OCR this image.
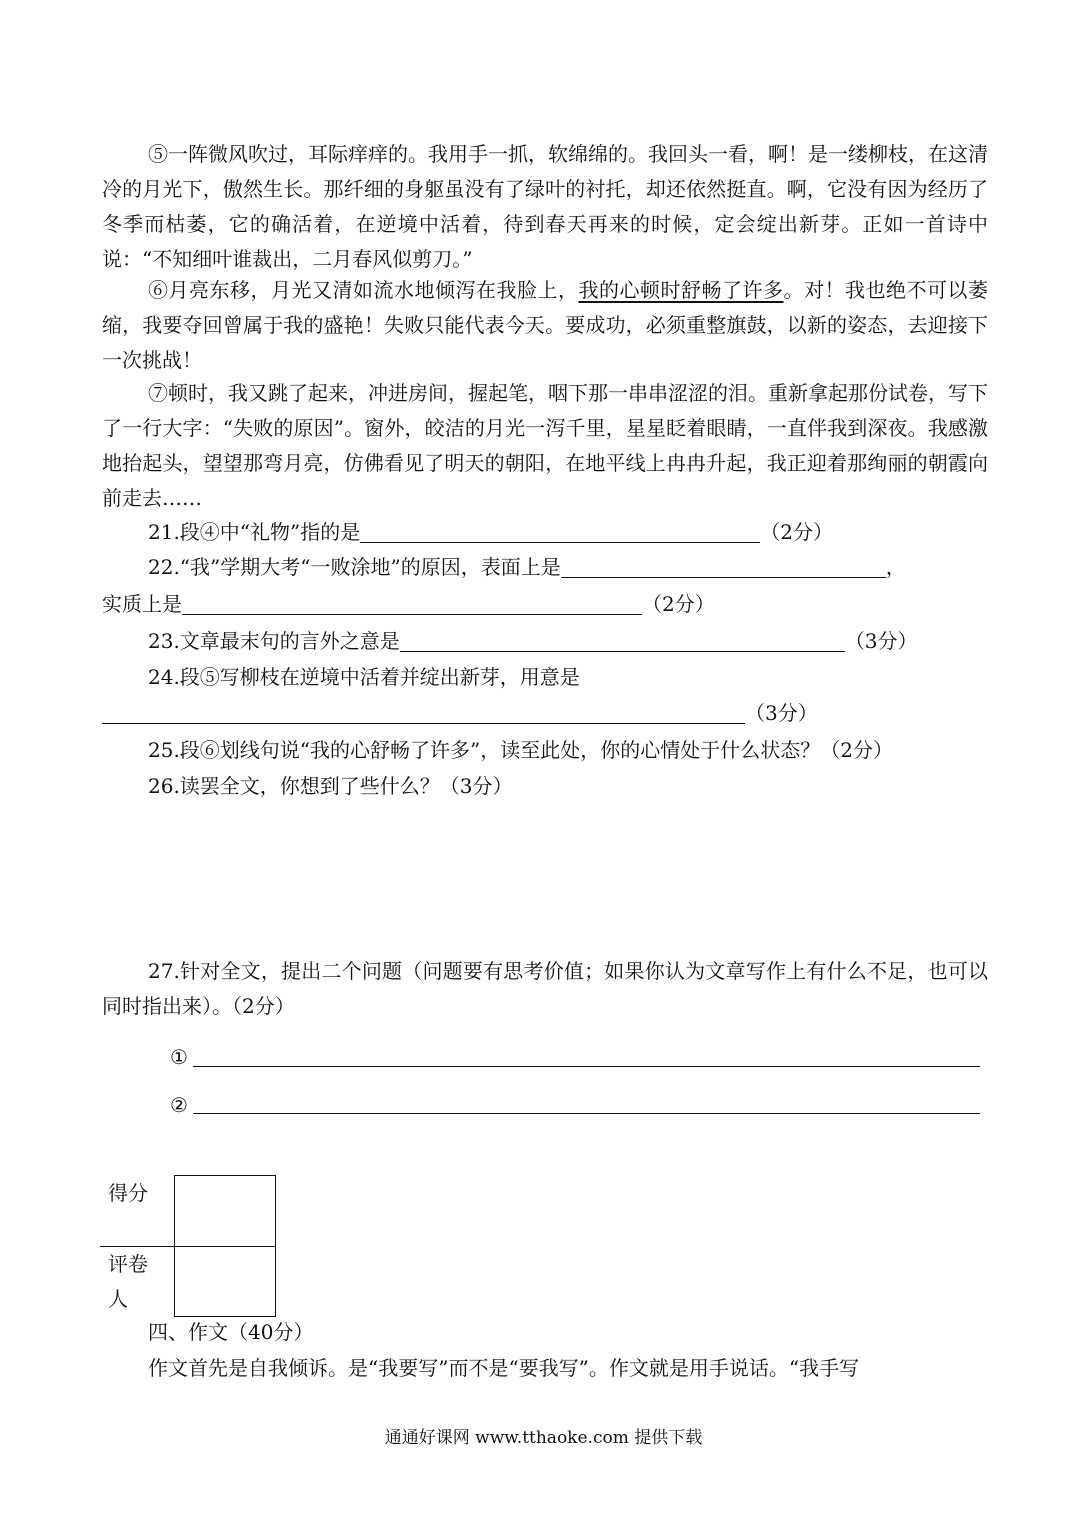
⑤一阵微风吹过，耳际痒痒的。我用手一抓，软绵绵的。我回头一看，啊！是一缕柳枝，在这清冷的月光下，傲然生长。那纤细的身躯虽没有了绿叶的衬托，却还依然挺直。啊，它没有因为经历了冬季而枯萎，它的确活着，在逆境中活着，待到春天再来的时候，定会绽出新芽。正如一首诗中说：“不知细叶谁裁出，二月春风似剪刀。”

⑥月亮东移，月光又清如流水地倾泻在我脸上，我的心顿时舒畅了许多。对！我也绝不可以萎缩，我要夺回曾属于我的盛艳！失败只能代表今天。要成功，必须重整旗鼓，以新的姿态，去迎接下一次挑战！

⑦顿时，我又跳了起来，冲进房间，握起笔，咽下那一串串涩涩的泪。重新拿起那份试卷，写下了一行大字：“失败的原因”。窗外，皎洁的月光一泻千里，星星眨着眼睛，一直伴我到深夜。我感激地抬起头，望望那弯月亮，仿佛看见了明天的朝阳，在地平线上冉冉升起，我正迎着那绚丽的朝霞向前走去……

21.段④中“礼物”指的是	（2分）
22.“我”学期大考“一败涂地”的原因，表面上是	，
实质上是	（2分）
23.文章最末句的言外之意是	（3分）
24.段⑤写柳枝在逆境中活着并绽出新芽，用意是
（3分）
25.段⑥划线句说“我的心舒畅了许多”，读至此处，你的心情处于什么状态？（2分）
26.读罢全文，你想到了些什么？（3分）

27.针对全文，提出二个问题（问题要有思考价值；如果你认为文章写作上有什么不足，也可以同时指出来）。（2分）

①
②
得分	
评卷人	
四、作文（40分）
作文首先是自我倾诉。是“我要写”而不是“要我写”。作文就是用手说话。“我手写
通通好课网 www.tthaoke.com 提供下载
